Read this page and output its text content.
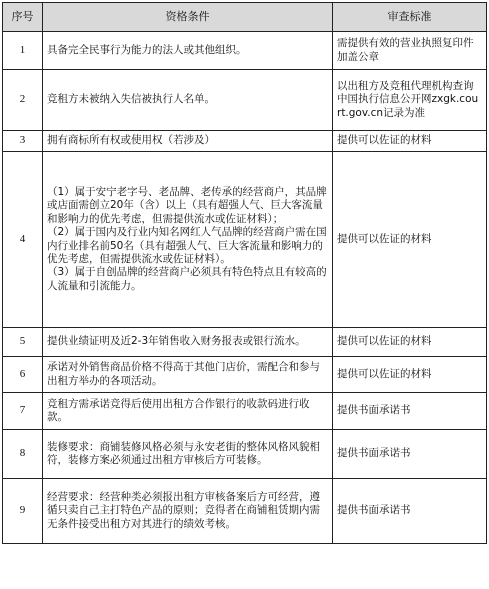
序号	资格条件	审查标准
1	具备完全民事行为能力的法人或其他组织。	需提供有效的营业执照复印件加盖公章
2	竞租方未被纳入失信被执行人名单。	以出租方及竞租代理机构查询中国执行信息公开网zxgk.court.gov.cn记录为准
3	拥有商标所有权或使用权（若涉及）	提供可以佐证的材料
4	（1）属于安宁老字号、老品牌、老传承的经营商户，其品牌或店面需创立20年（含）以上（具有超强人气、巨大客流量和影响力的优先考虑，但需提供流水或佐证材料）；
（2）属于国内及行业内知名网红人气品牌的经营商户需在国内行业排名前50名（具有超强人气、巨大客流量和影响力的优先考虑，但需提供流水或佐证材料）。
（3）属于自创品牌的经营商户必须具有特色特点且有较高的人流量和引流能力。	提供可以佐证的材料
5	提供业绩证明及近2-3年销售收入财务报表或银行流水。	提供可以佐证的材料
6	承诺对外销售商品价格不得高于其他门店价，需配合和参与出租方举办的各项活动。	提供可以佐证的材料
7	竞租方需承诺竞得后使用出租方合作银行的收款码进行收款。	提供书面承诺书
8	装修要求：商铺装修风格必须与永安老街的整体风格风貌相符，装修方案必须通过出租方审核后方可装修。	提供书面承诺书
9	经营要求：经营种类必须报出租方审核备案后方可经营，遵循只卖自己主打特色产品的原则；竞得者在商铺租赁期内需无条件接受出租方对其进行的绩效考核。	提供书面承诺书
